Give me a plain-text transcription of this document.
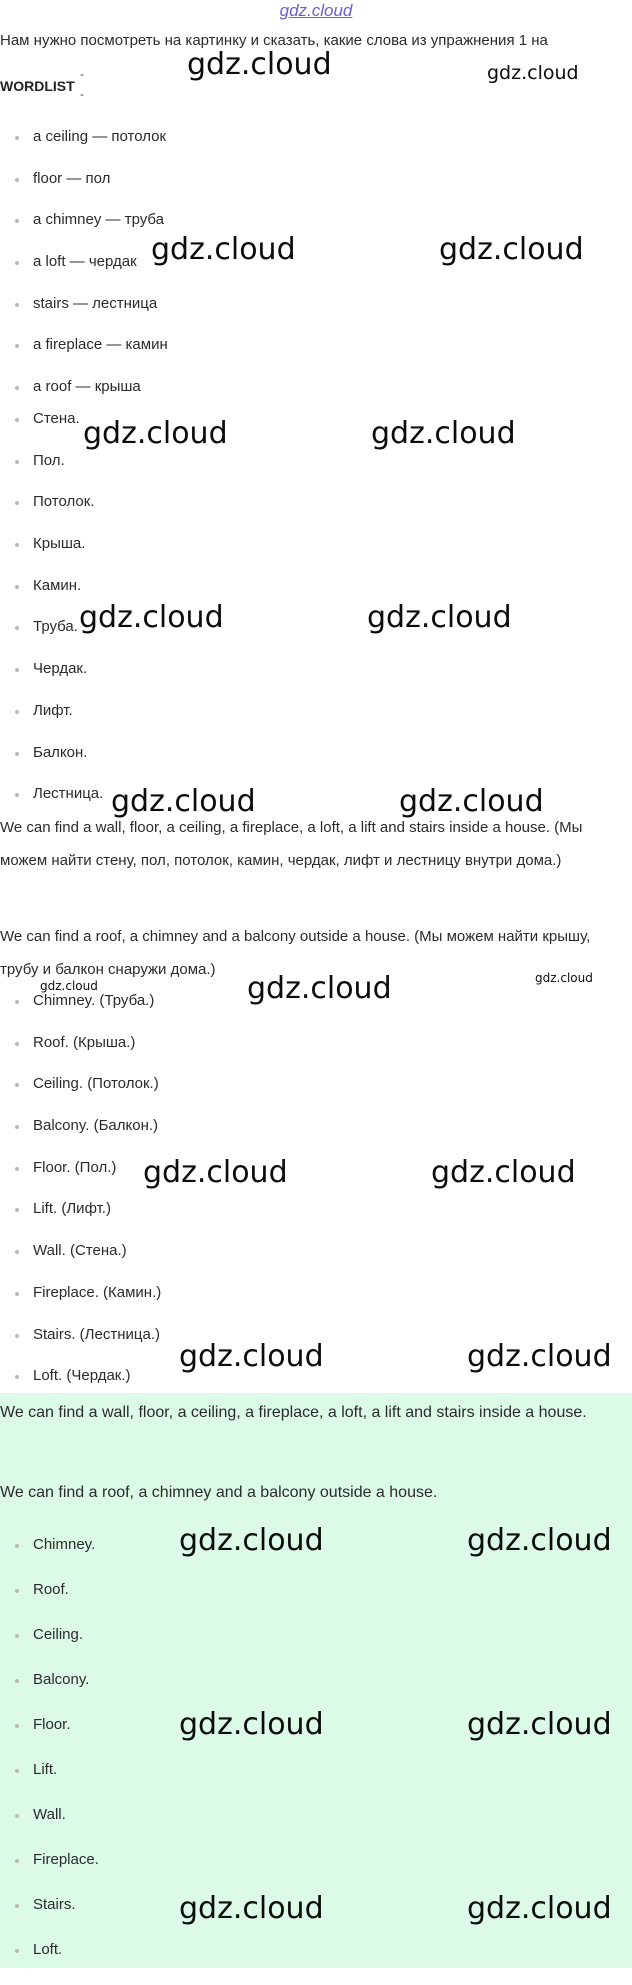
gdz.cloud
Нам нужно посмотреть на картинку и сказать, какие слова из упражнения 1 на
WORDLIST
- -
a ceiling — потолок
floor — пол
a chimney — труба
a loft — чердак
stairs — лестница
a fireplace — камин
a roof — крыша
Стена.
Пол.
Потолок.
Крыша.
Камин.
Труба.
Чердак.
Лифт.
Балкон.
Лестница.
We can find a wall, floor, a ceiling, a fireplace, a loft, a lift and stairs inside a house. (Мы можем найти стену, пол, потолок, камин, чердак, лифт и лестницу внутри дома.)
We can find a roof, a chimney and a balcony outside a house. (Мы можем найти крышу, трубу и балкон снаружи дома.)
Chimney. (Труба.)
Roof. (Крыша.)
Ceiling. (Потолок.)
Balcony. (Балкон.)
Floor. (Пол.)
Lift. (Лифт.)
Wall. (Стена.)
Fireplace. (Камин.)
Stairs. (Лестница.)
Loft. (Чердак.)
We can find a wall, floor, a ceiling, a fireplace, a loft, a lift and stairs inside a house.
We can find a roof, a chimney and a balcony outside a house.
Chimney.
Roof.
Ceiling.
Balcony.
Floor.
Lift.
Wall.
Fireplace.
Stairs.
Loft.
gdz.cloud	gdz.cloud
gdz.cloud	gdz.cloud
gdz.cloud	gdz.cloud
gdz.cloud	gdz.cloud
gdz.cloud	gdz.cloud
gdz.cloud	gdz.cloud	gdz.cloud
gdz.cloud	gdz.cloud
gdz.cloud	gdz.cloud
gdz.cloud	gdz.cloud
gdz.cloud	gdz.cloud
gdz.cloud	gdz.cloud
